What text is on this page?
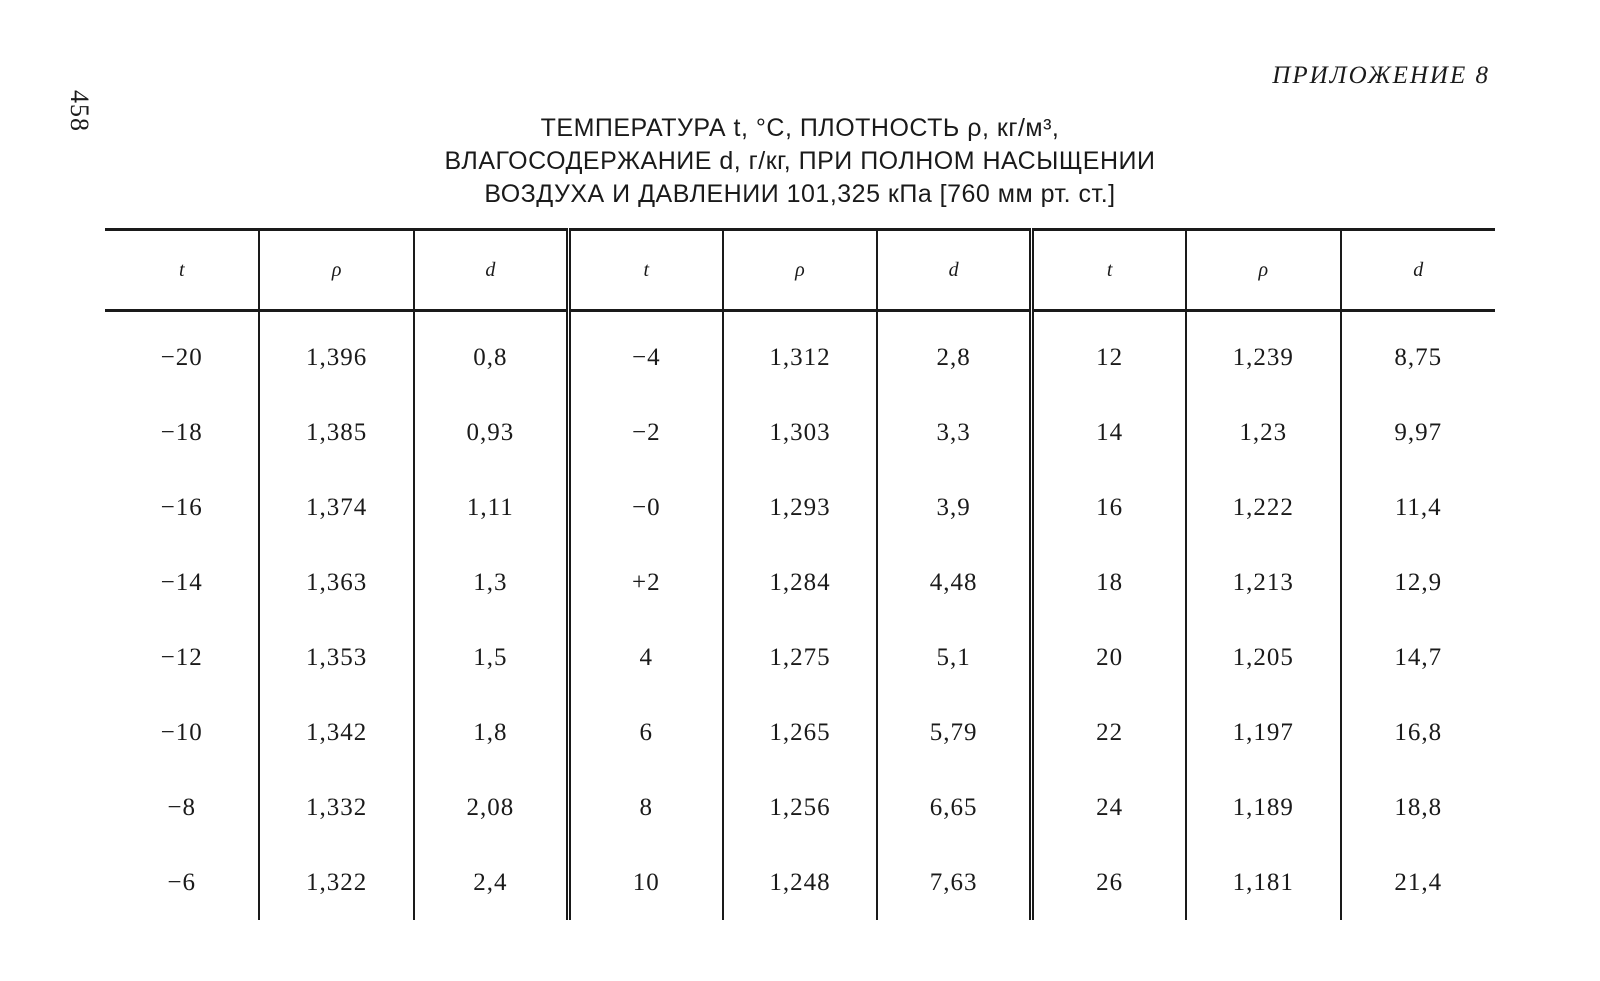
458
ПРИЛОЖЕНИЕ 8
ТЕМПЕРАТУРА t, °С, ПЛОТНОСТЬ ρ, кг/м³,
ВЛАГОСОДЕРЖАНИЕ d, г/кг, ПРИ ПОЛНОМ НАСЫЩЕНИИ
ВОЗДУХА И ДАВЛЕНИИ 101,325 кПа [760 мм рт. ст.]
t	ρ	d	t	ρ	d	t	ρ	d
−20	1,396	0,8	−4	1,312	2,8	12	1,239	8,75
−18	1,385	0,93	−2	1,303	3,3	14	1,23	9,97
−16	1,374	1,11	−0	1,293	3,9	16	1,222	11,4
−14	1,363	1,3	+2	1,284	4,48	18	1,213	12,9
−12	1,353	1,5	4	1,275	5,1	20	1,205	14,7
−10	1,342	1,8	6	1,265	5,79	22	1,197	16,8
−8	1,332	2,08	8	1,256	6,65	24	1,189	18,8
−6	1,322	2,4	10	1,248	7,63	26	1,181	21,4
